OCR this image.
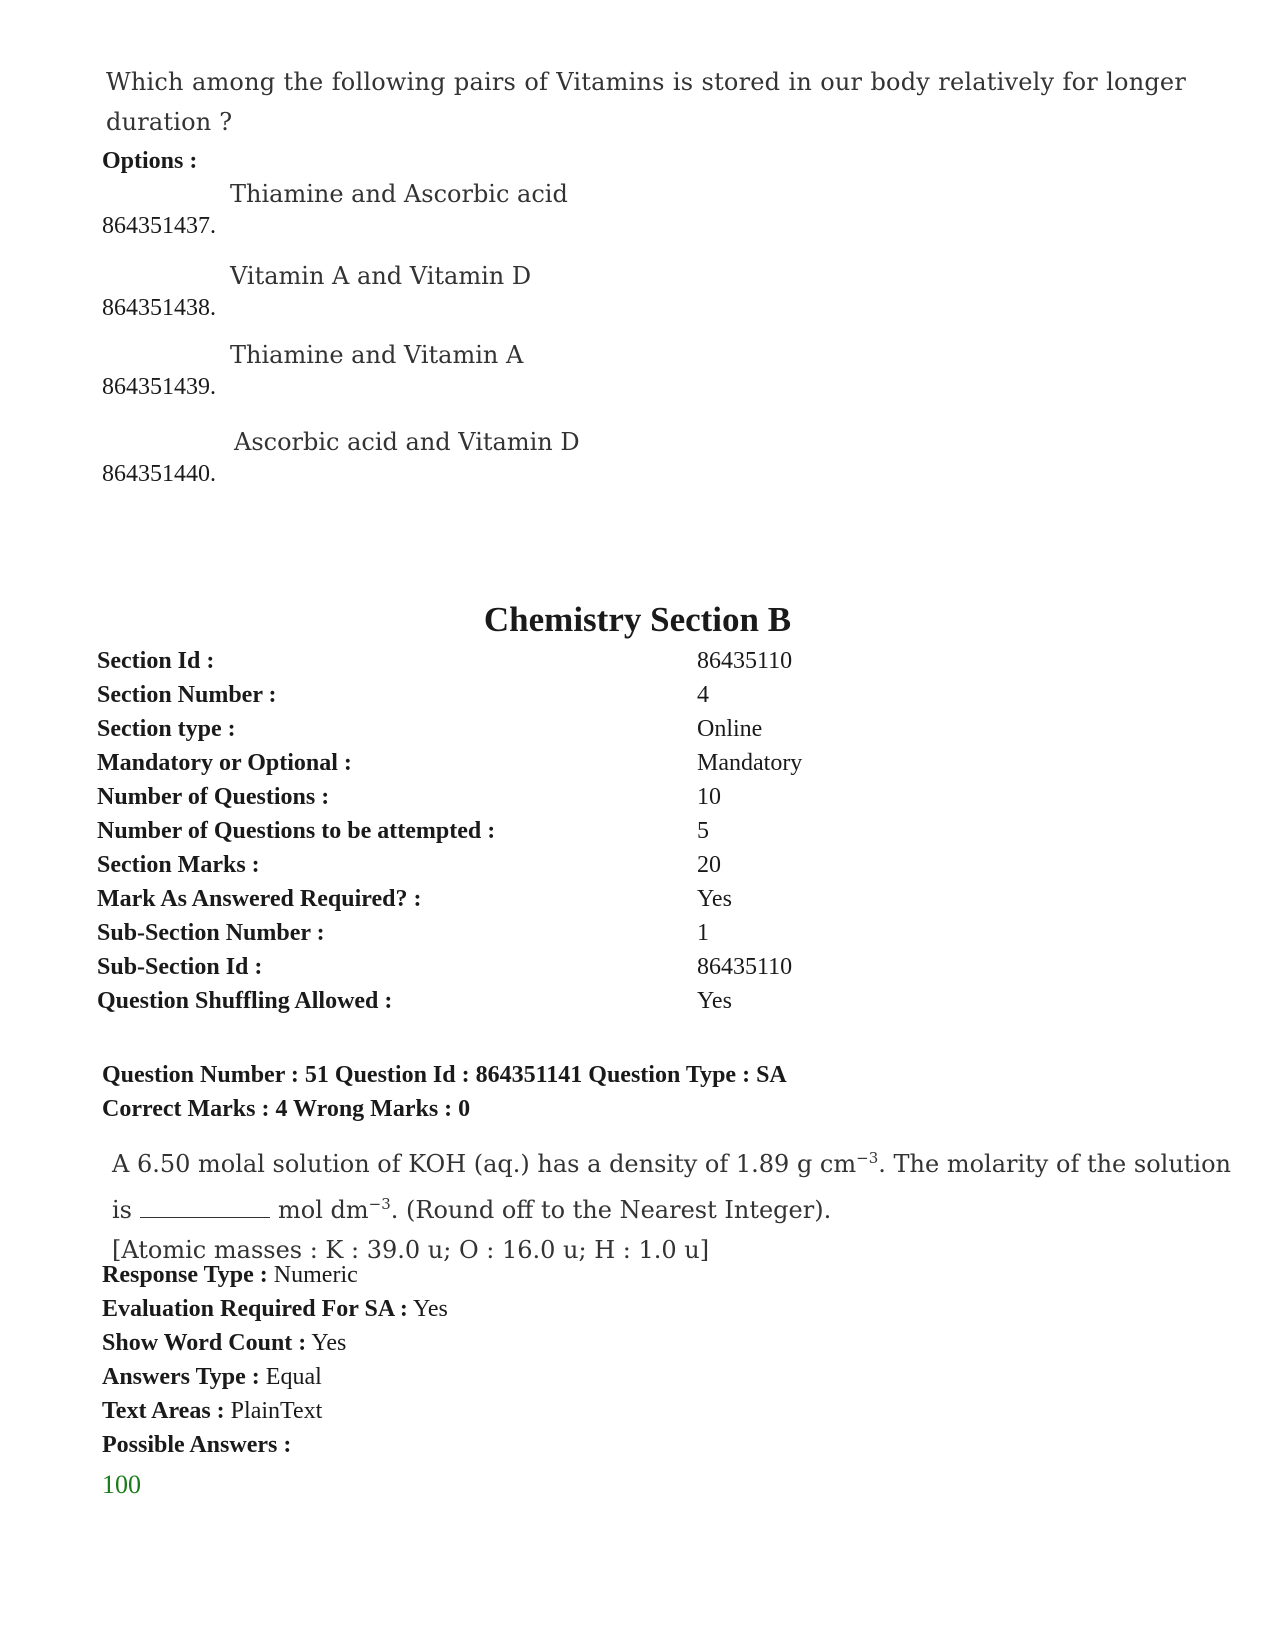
Which among the following pairs of Vitamins is stored in our body relatively for longer duration ?
Options :
864351437.
Thiamine and Ascorbic acid
864351438.
Vitamin A and Vitamin D
864351439.
Thiamine and Vitamin A
864351440.
Ascorbic acid and Vitamin D
Chemistry Section B
Section Id :	86435110
Section Number :	4
Section type :	Online
Mandatory or Optional :	Mandatory
Number of Questions :	10
Number of Questions to be attempted :	5
Section Marks :	20
Mark As Answered Required? :	Yes
Sub-Section Number :	1
Sub-Section Id :	86435110
Question Shuffling Allowed :	Yes
Question Number : 51 Question Id : 864351141 Question Type : SA
Correct Marks : 4 Wrong Marks : 0
A 6.50 molal solution of KOH (aq.) has a density of 1.89 g $cm^{-3}$. The molarity of the solution
is	mol $dm^{-3}$. (Round off to the Nearest Integer).
[Atomic masses : K : 39.0 u; O : 16.0 u; H : 1.0 u]
Response Type : Numeric
Evaluation Required For SA : Yes
Show Word Count : Yes
Answers Type : Equal
Text Areas : PlainText
Possible Answers :
100
